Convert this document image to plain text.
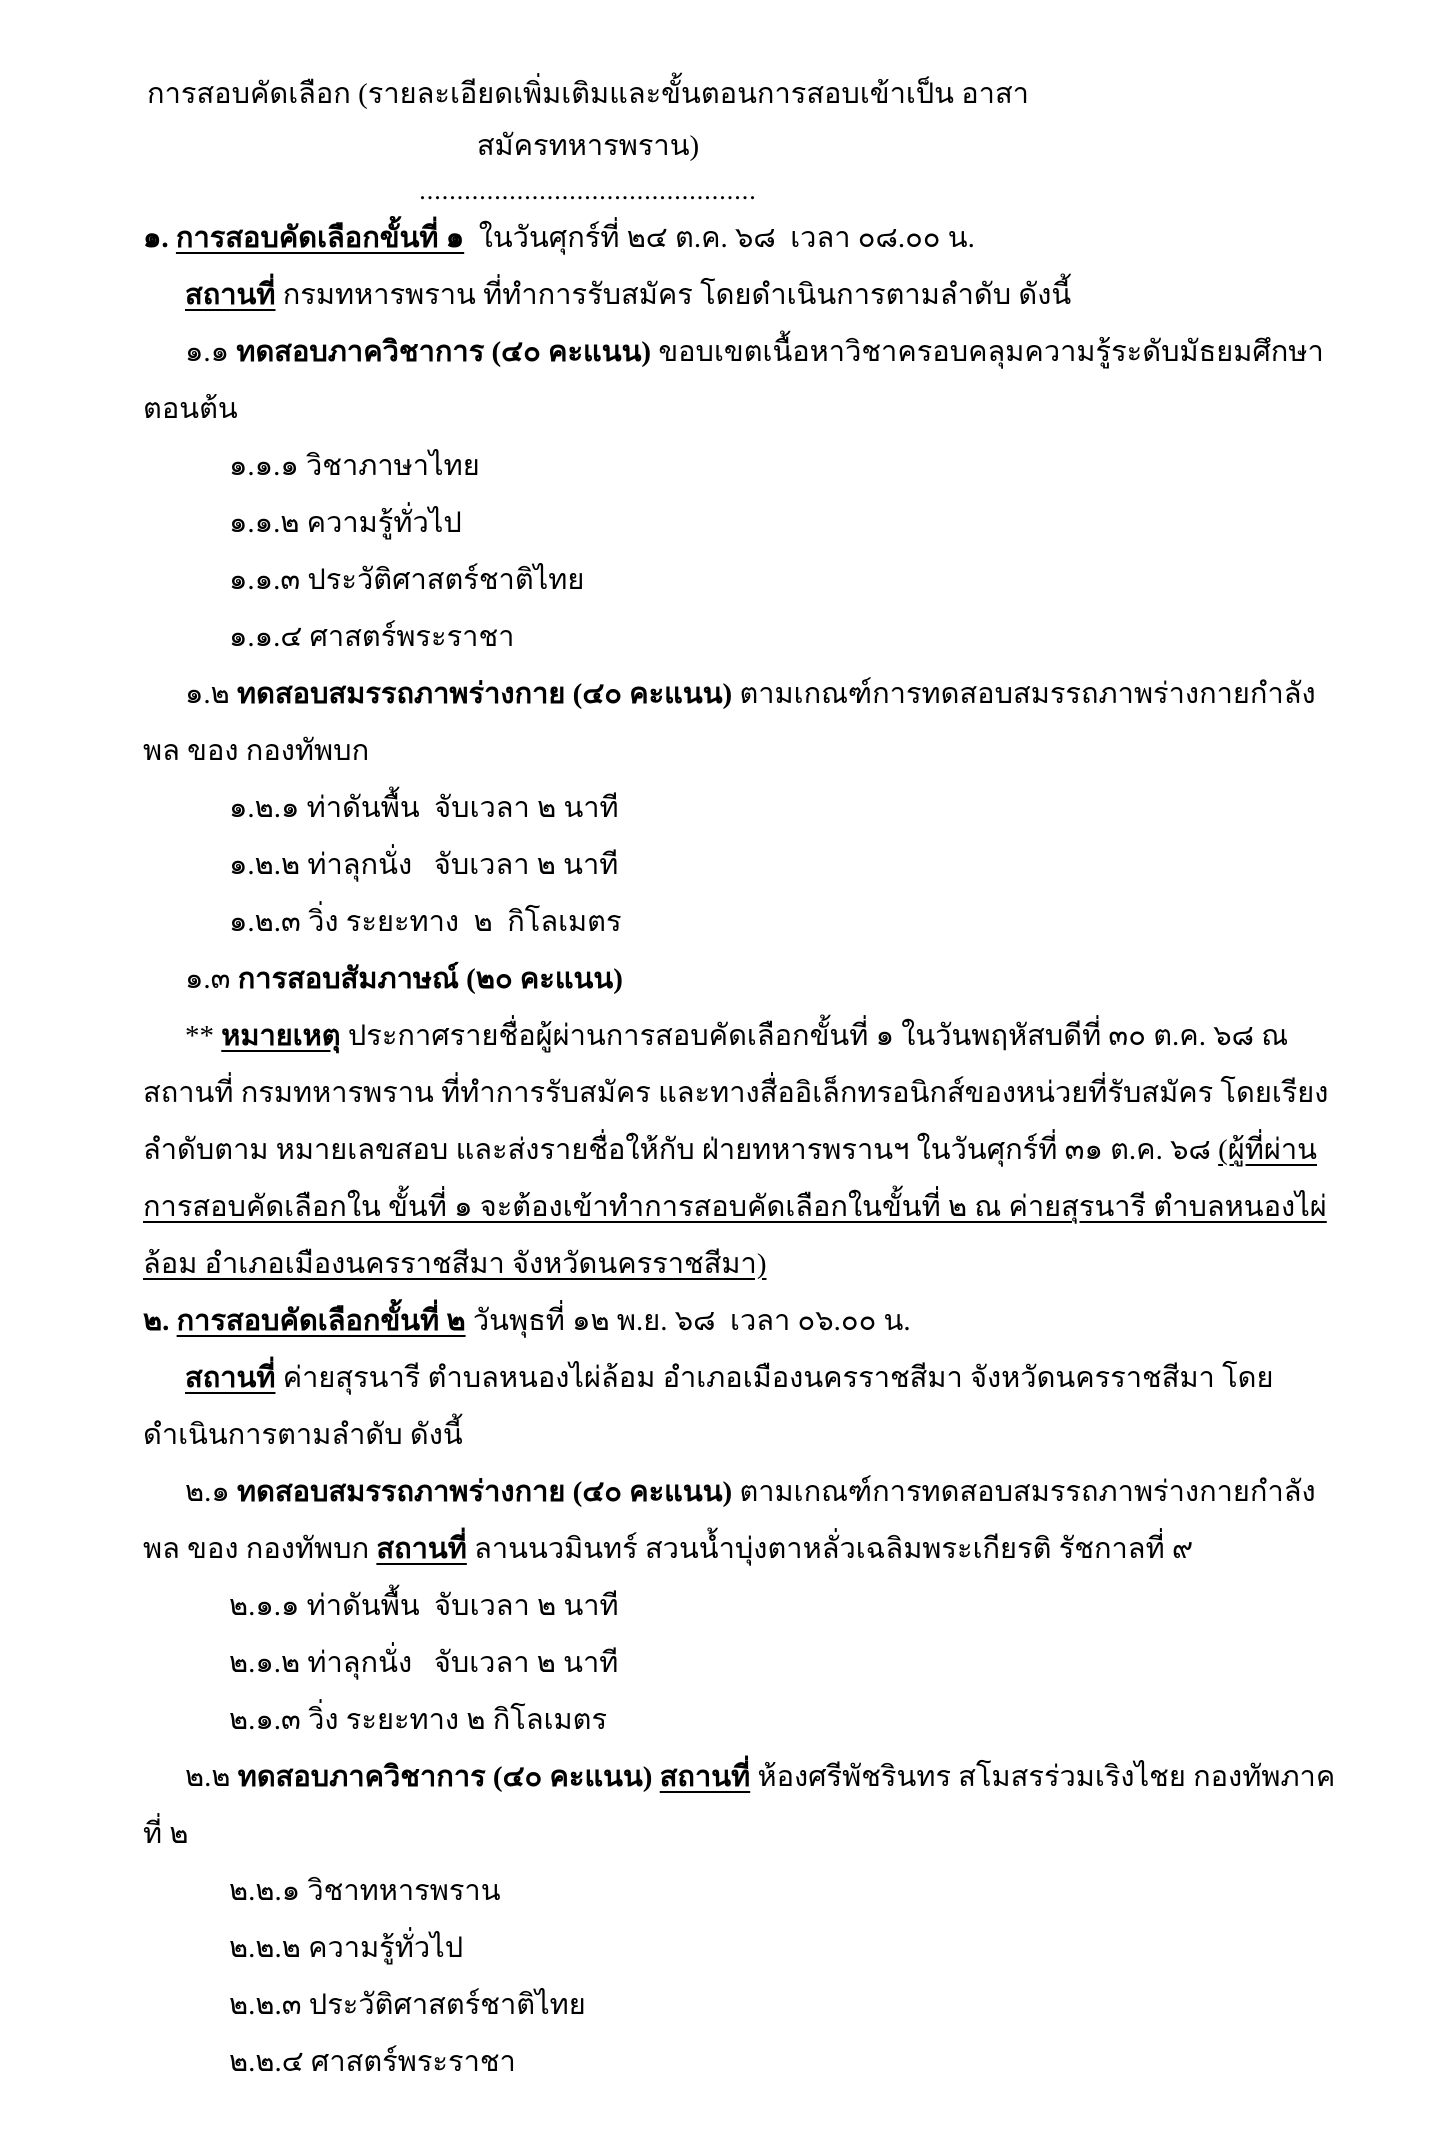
การสอบคัดเลือก (รายละเอียดเพิ่มเติมและขั้นตอนการสอบเข้าเป็น อาสาสมัครทหารพราน)

.............................................

๑. การสอบคัดเลือกขั้นที่ ๑  ในวันศุกร์ที่ ๒๔ ต.ค. ๖๘  เวลา ๐๘.๐๐ น.

สถานที่ กรมทหารพราน ที่ทำการรับสมัคร โดยดำเนินการตามลำดับ ดังนี้

๑.๑ ทดสอบภาควิชาการ (๔๐ คะแนน) ขอบเขตเนื้อหาวิชาครอบคลุมความรู้ระดับมัธยมศึกษาตอนต้น

๑.๑.๑ วิชาภาษาไทย

๑.๑.๒ ความรู้ทั่วไป

๑.๑.๓ ประวัติศาสตร์ชาติไทย

๑.๑.๔ ศาสตร์พระราชา

๑.๒ ทดสอบสมรรถภาพร่างกาย (๔๐ คะแนน) ตามเกณฑ์การทดสอบสมรรถภาพร่างกายกำลังพล ของ กองทัพบก

๑.๒.๑ ท่าดันพื้น  จับเวลา ๒ นาที

๑.๒.๒ ท่าลุกนั่ง   จับเวลา ๒ นาที

๑.๒.๓ วิ่ง ระยะทาง  ๒  กิโลเมตร

๑.๓ การสอบสัมภาษณ์ (๒๐ คะแนน)

** หมายเหตุ ประกาศรายชื่อผู้ผ่านการสอบคัดเลือกขั้นที่ ๑ ในวันพฤหัสบดีที่ ๓๐ ต.ค. ๖๘ ณ สถานที่ กรมทหารพราน ที่ทำการรับสมัคร และทางสื่ออิเล็กทรอนิกส์ของหน่วยที่รับสมัคร โดยเรียงลำดับตาม หมายเลขสอบ และส่งรายชื่อให้กับ ฝ่ายทหารพรานฯ ในวันศุกร์ที่ ๓๑ ต.ค. ๖๘ (ผู้ที่ผ่านการสอบคัดเลือกใน ขั้นที่ ๑ จะต้องเข้าทำการสอบคัดเลือกในขั้นที่ ๒ ณ ค่ายสุรนารี ตำบลหนองไผ่ล้อม อำเภอเมืองนครราชสีมา จังหวัดนครราชสีมา)

๒. การสอบคัดเลือกขั้นที่ ๒ วันพุธที่ ๑๒ พ.ย. ๖๘  เวลา ๐๖.๐๐ น.

สถานที่ ค่ายสุรนารี ตำบลหนองไผ่ล้อม อำเภอเมืองนครราชสีมา จังหวัดนครราชสีมา โดยดำเนินการตามลำดับ ดังนี้

๒.๑ ทดสอบสมรรถภาพร่างกาย (๔๐ คะแนน) ตามเกณฑ์การทดสอบสมรรถภาพร่างกายกำลังพล ของ กองทัพบก สถานที่ ลานนวมินทร์ สวนน้ำบุ่งตาหลั่วเฉลิมพระเกียรติ รัชกาลที่ ๙

๒.๑.๑ ท่าดันพื้น  จับเวลา ๒ นาที

๒.๑.๒ ท่าลุกนั่ง   จับเวลา ๒ นาที

๒.๑.๓ วิ่ง ระยะทาง ๒ กิโลเมตร

๒.๒ ทดสอบภาควิชาการ (๔๐ คะแนน) สถานที่ ห้องศรีพัชรินทร สโมสรร่วมเริงไชย กองทัพภาคที่ ๒

๒.๒.๑ วิชาทหารพราน

๒.๒.๒ ความรู้ทั่วไป

๒.๒.๓ ประวัติศาสตร์ชาติไทย

๒.๒.๔ ศาสตร์พระราชา
